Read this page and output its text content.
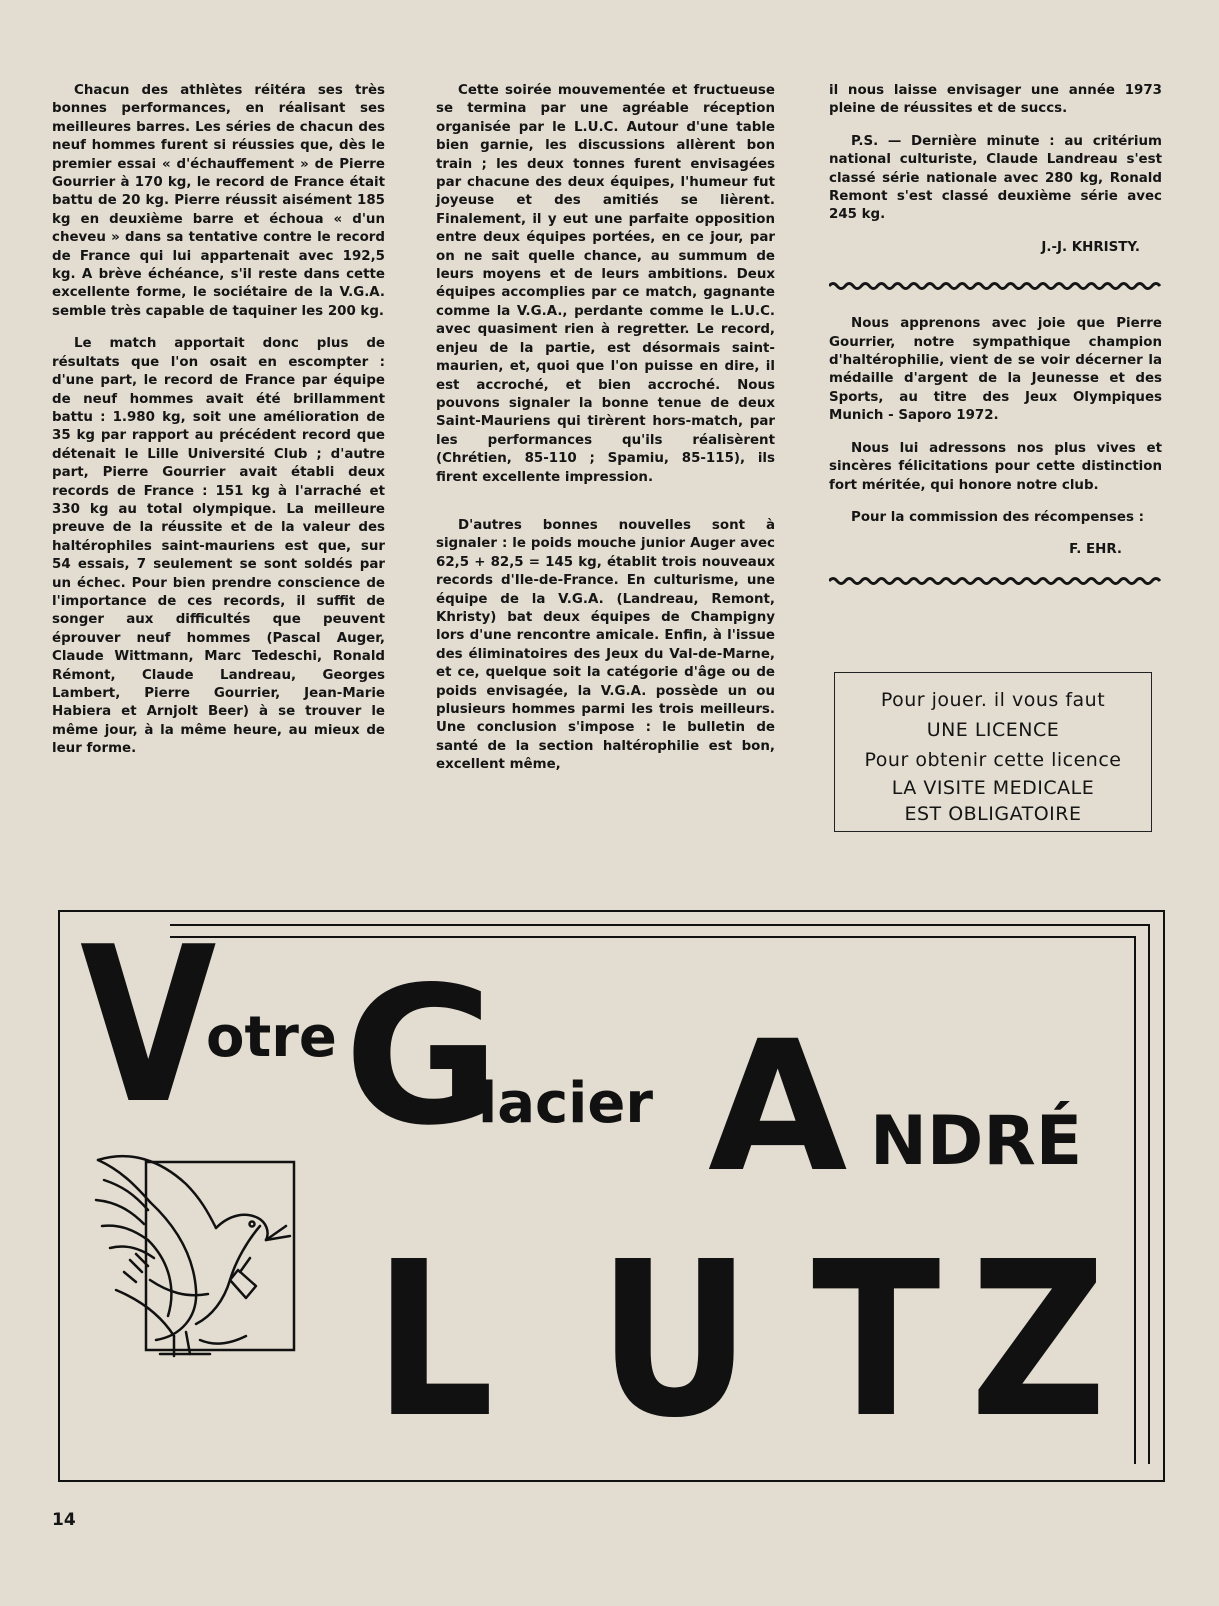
Chacun des athlètes réitéra ses très bonnes performances, en réalisant ses meilleures barres. Les séries de chacun des neuf hommes furent si réussies que, dès le premier essai « d'échauffement » de Pierre Gourrier à 170 kg, le record de France était battu de 20 kg. Pierre réussit aisément 185 kg en deuxième barre et échoua « d'un cheveu » dans sa tentative contre le record de France qui lui appartenait avec 192,5 kg. A brève échéance, s'il reste dans cette excellente forme, le sociétaire de la V.G.A. semble très capable de taquiner les 200 kg.

Le match apportait donc plus de résultats que l'on osait en escompter : d'une part, le record de France par équipe de neuf hommes avait été brillamment battu : 1.980 kg, soit une amélioration de 35 kg par rapport au précédent record que détenait le Lille Université Club ; d'autre part, Pierre Gourrier avait établi deux records de France : 151 kg à l'arraché et 330 kg au total olympique. La meilleure preuve de la réussite et de la valeur des haltérophiles saint-mauriens est que, sur 54 essais, 7 seulement se sont soldés par un échec. Pour bien prendre conscience de l'importance de ces records, il suffit de songer aux difficultés que peuvent éprouver neuf hommes (Pascal Auger, Claude Wittmann, Marc Tedeschi, Ronald Rémont, Claude Landreau, Georges Lambert, Pierre Gourrier, Jean-Marie Habiera et Arnjolt Beer) à se trouver le même jour, à la même heure, au mieux de leur forme.

Cette soirée mouvementée et fructueuse se termina par une agréable réception organisée par le L.U.C. Autour d'une table bien garnie, les discussions allèrent bon train ; les deux tonnes furent envisagées par chacune des deux équipes, l'humeur fut joyeuse et des amitiés se lièrent. Finalement, il y eut une parfaite opposition entre deux équipes portées, en ce jour, par on ne sait quelle chance, au summum de leurs moyens et de leurs ambitions. Deux équipes accomplies par ce match, gagnante comme la V.G.A., perdante comme le L.U.C. avec quasiment rien à regretter. Le record, enjeu de la partie, est désormais saint-maurien, et, quoi que l'on puisse en dire, il est accroché, et bien accroché. Nous pouvons signaler la bonne tenue de deux Saint-Mauriens qui tirèrent hors-match, par les performances qu'ils réalisèrent (Chrétien, 85-110 ; Spamiu, 85-115), ils firent excellente impression.

D'autres bonnes nouvelles sont à signaler : le poids mouche junior Auger avec 62,5 + 82,5 = 145 kg, établit trois nouveaux records d'Ile-de-France. En culturisme, une équipe de la V.G.A. (Landreau, Remont, Khristy) bat deux équipes de Champigny lors d'une rencontre amicale. Enfin, à l'issue des éliminatoires des Jeux du Val-de-Marne, et ce, quelque soit la catégorie d'âge ou de poids envisagée, la V.G.A. possède un ou plusieurs hommes parmi les trois meilleurs. Une conclusion s'impose : le bulletin de santé de la section haltérophilie est bon, excellent même,

il nous laisse envisager une année 1973 pleine de réussites et de succs.

P.S. — Dernière minute : au critérium national culturiste, Claude Landreau s'est classé série nationale avec 280 kg, Ronald Remont s'est classé deuxième série avec 245 kg.

J.-J. KHRISTY.

Nous apprenons avec joie que Pierre Gourrier, notre sympathique champion d'haltérophilie, vient de se voir décerner la médaille d'argent de la Jeunesse et des Sports, au titre des Jeux Olympiques Munich - Saporo 1972.

Nous lui adressons nos plus vives et sincères félicitations pour cette distinction fort méritée, qui honore notre club.

Pour la commission des récompenses :

F. EHR.

Pour jouer. il vous faut
UNE LICENCE
Pour obtenir cette licence
LA VISITE MEDICALE
EST OBLIGATOIRE
V
otre G
lacier A NDRÉ
L U T Z
14
